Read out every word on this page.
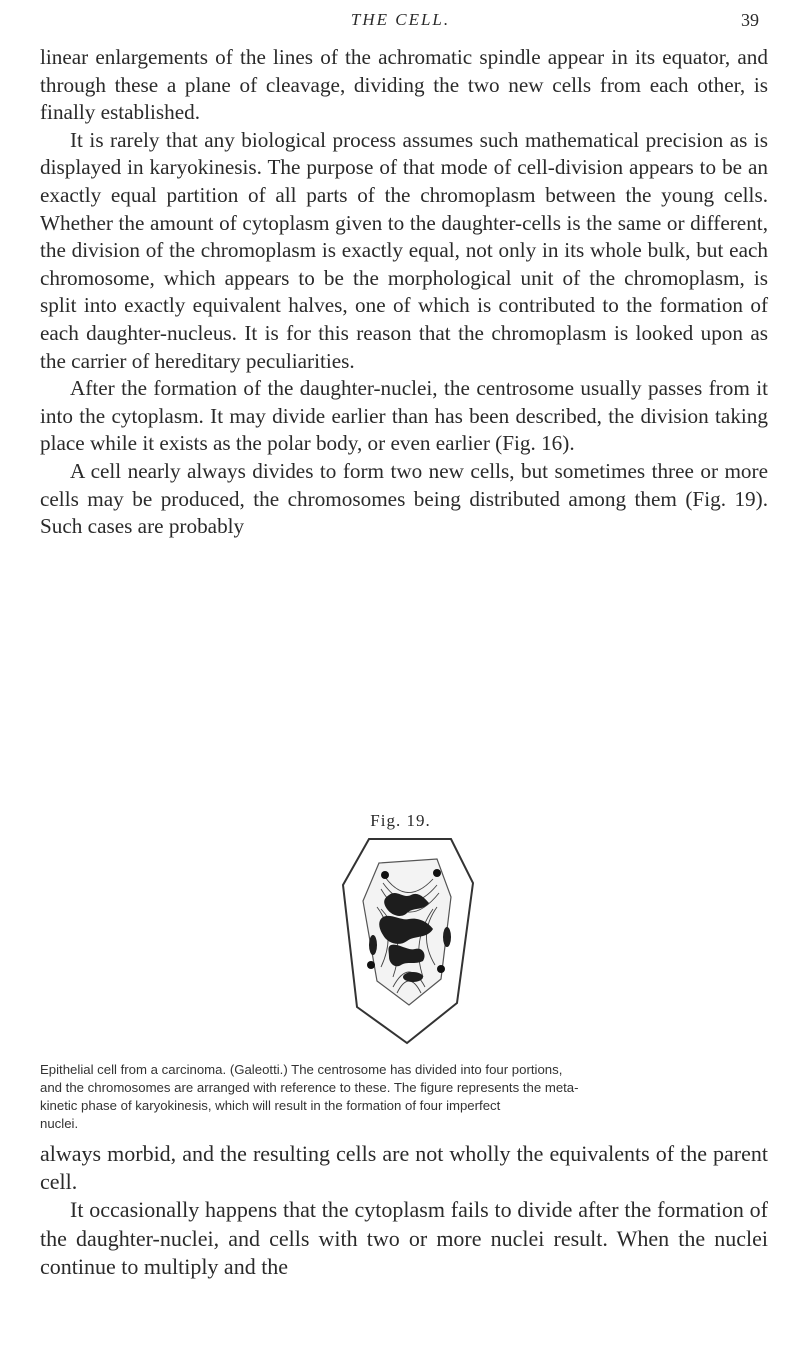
THE CELL.	39

linear enlargements of the lines of the achromatic spindle appear in its equator, and through these a plane of cleavage, dividing the two new cells from each other, is finally established.

It is rarely that any biological process assumes such mathematical precision as is displayed in karyokinesis. The purpose of that mode of cell-division appears to be an exactly equal partition of all parts of the chromoplasm between the young cells. Whether the amount of cytoplasm given to the daughter-cells is the same or different, the division of the chromoplasm is exactly equal, not only in its whole bulk, but each chromosome, which appears to be the morphological unit of the chromoplasm, is split into exactly equivalent halves, one of which is contributed to the formation of each daughter-nucleus. It is for this reason that the chromoplasm is looked upon as the carrier of hereditary peculiarities.

After the formation of the daughter-nuclei, the centrosome usually passes from it into the cytoplasm. It may divide earlier than has been described, the division taking place while it exists as the polar body, or even earlier (Fig. 16).

A cell nearly always divides to form two new cells, but sometimes three or more cells may be produced, the chromosomes being distributed among them (Fig. 19). Such cases are probably

Fig. 19.
Epithelial cell from a carcinoma. (Galeotti.) The centrosome has divided into four portions,
and the chromosomes are arranged with reference to these. The figure represents the meta-
kinetic phase of karyokinesis, which will result in the formation of four imperfect
nuclei.

always morbid, and the resulting cells are not wholly the equivalents of the parent cell.

It occasionally happens that the cytoplasm fails to divide after the formation of the daughter-nuclei, and cells with two or more nuclei result. When the nuclei continue to multiply and the
